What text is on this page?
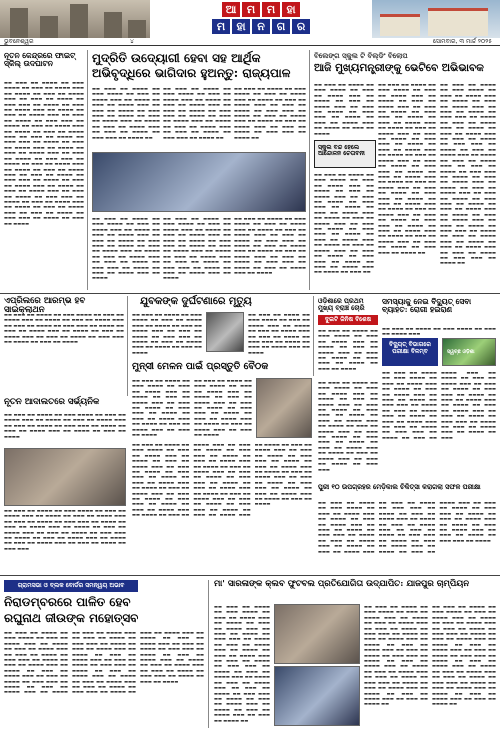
ଆ ମ	ମ	ହା
ମ	ହା	ନ	ଗ	ର
ଭୁବନେଶ୍ୱର	୪	ସୋମବାର, ୩ ମାର୍ଚ୍ଚ ୨୦୨୫
ନୂତନ କେନ୍ଦ୍ରରେ ଫାଇଟ୍ ସ୍କିଲ୍ ଉଦଘାଟନ
▬▬ ▬▬▬ ▬▬ ▬▬▬▬ ▬▬ ▬▬▬ ▬▬▬▬ ▬▬ ▬▬▬ ▬▬ ▬▬▬▬ ▬▬▬ ▬▬ ▬▬▬▬ ▬▬ ▬▬▬ ▬▬ ▬▬▬▬ ▬▬▬ ▬▬ ▬▬▬ ▬▬ ▬▬▬▬ ▬▬ ▬▬▬ ▬▬▬ ▬▬ ▬▬▬▬ ▬▬ ▬▬▬ ▬▬ ▬▬▬▬ ▬▬▬ ▬▬ ▬▬▬▬ ▬▬ ▬▬▬ ▬▬ ▬▬▬▬ ▬▬▬ ▬▬ ▬▬▬ ▬▬ ▬▬▬▬ ▬▬ ▬▬▬ ▬▬▬ ▬▬ ▬▬▬▬ ▬▬ ▬▬▬ ▬▬ ▬▬▬▬ ▬▬▬ ▬▬ ▬▬▬▬ ▬▬ ▬▬▬ ▬▬ ▬▬▬▬ ▬▬▬ ▬▬ ▬▬▬ ▬▬ ▬▬▬▬ ▬▬ ▬▬▬ ▬▬▬ ▬▬ ▬▬▬▬ ▬▬ ▬▬▬ ▬▬ ▬▬▬▬ ▬▬▬ ▬▬ ▬▬▬▬ ▬▬ ▬▬▬ ▬▬ ▬▬▬▬ ▬▬▬ ▬▬ ▬▬▬ ▬▬ ▬▬▬▬ ▬▬ ▬▬▬ ▬▬▬ ▬▬ ▬▬▬▬ ▬▬ ▬▬▬ ▬▬ ▬▬▬▬ ▬▬▬ ▬▬ ▬▬▬▬ ▬▬ ▬▬▬ ▬▬ ▬▬▬▬ ▬▬▬ ▬▬ ▬▬▬ ▬▬ ▬▬▬▬ ▬▬ ▬▬▬ ▬▬▬ ▬▬ ▬▬▬▬ ▬▬ ▬▬▬ ▬▬ ▬▬▬▬ ▬▬▬ ▬▬ ▬▬▬▬ ▬▬ ▬▬▬ ▬▬ ▬▬▬▬ ▬▬▬ ▬▬ ▬▬▬ ▬▬ ▬▬▬▬ ▬▬ ▬▬▬ ▬▬▬ ▬▬ ▬▬▬▬ ▬▬ ▬▬▬ ▬▬ ▬▬▬▬ ▬▬▬ ▬▬ ▬▬▬▬ ▬▬ ▬▬▬ ▬▬ ▬▬▬▬ ▬▬▬ ▬▬ ▬▬▬ ▬▬ ▬▬▬▬ ▬▬ ▬▬▬ ▬▬▬ ▬▬ ▬▬▬▬ ▬▬ ▬▬▬ ▬▬ ▬▬▬▬
ମୁଦ୍ରିତି ଉଦ୍ୟୋଗୀ ହେବା ସହ ଆର୍ଥିକ
ଅଭିବୃଦ୍ଧିରେ ଭାଗିଦାର ହୁଅନ୍ତୁ: ରାଜ୍ୟପାଳ
▬▬ ▬▬▬ ▬▬ ▬▬▬▬ ▬▬ ▬▬▬ ▬▬▬▬ ▬▬ ▬▬▬ ▬▬ ▬▬▬▬ ▬▬▬ ▬▬ ▬▬▬▬ ▬▬ ▬▬▬ ▬▬ ▬▬▬▬ ▬▬▬ ▬▬ ▬▬▬ ▬▬ ▬▬▬▬ ▬▬ ▬▬▬ ▬▬▬ ▬▬ ▬▬▬▬ ▬▬ ▬▬▬ ▬▬ ▬▬▬▬ ▬▬▬ ▬▬ ▬▬▬▬ ▬▬ ▬▬▬ ▬▬ ▬▬▬▬ ▬▬▬ ▬▬ ▬▬▬ ▬▬ ▬▬▬▬ ▬▬ ▬▬▬ ▬▬▬ ▬▬ ▬▬▬▬ ▬▬
▬▬ ▬▬▬ ▬▬ ▬▬▬▬ ▬▬ ▬▬▬ ▬▬▬▬ ▬▬ ▬▬▬ ▬▬ ▬▬▬▬ ▬▬▬ ▬▬ ▬▬▬▬ ▬▬ ▬▬▬ ▬▬ ▬▬▬▬ ▬▬▬ ▬▬ ▬▬▬ ▬▬ ▬▬▬▬ ▬▬ ▬▬▬ ▬▬▬ ▬▬ ▬▬▬▬ ▬▬ ▬▬▬ ▬▬ ▬▬▬▬ ▬▬▬ ▬▬ ▬▬▬▬ ▬▬ ▬▬▬ ▬▬ ▬▬▬▬ ▬▬▬ ▬▬ ▬▬▬ ▬▬ ▬▬▬▬ ▬▬ ▬▬▬ ▬▬▬ ▬▬ ▬▬▬▬ ▬▬
▬▬ ▬▬▬ ▬▬ ▬▬▬▬ ▬▬ ▬▬▬ ▬▬▬▬ ▬▬ ▬▬▬ ▬▬ ▬▬▬▬ ▬▬▬ ▬▬ ▬▬▬▬ ▬▬ ▬▬▬ ▬▬ ▬▬▬▬ ▬▬▬ ▬▬ ▬▬▬ ▬▬ ▬▬▬▬ ▬▬ ▬▬▬ ▬▬▬ ▬▬ ▬▬▬▬ ▬▬ ▬▬▬ ▬▬ ▬▬▬▬ ▬▬▬ ▬▬ ▬▬▬▬ ▬▬ ▬▬▬ ▬▬ ▬▬▬▬ ▬▬▬ ▬▬ ▬▬▬ ▬▬ ▬▬▬▬ ▬▬ ▬▬▬ ▬▬▬ ▬▬ ▬▬▬▬ ▬▬
▬▬ ▬▬▬ ▬▬ ▬▬▬▬ ▬▬ ▬▬▬ ▬▬▬▬ ▬▬ ▬▬▬ ▬▬ ▬▬▬▬ ▬▬▬ ▬▬ ▬▬▬▬ ▬▬ ▬▬▬ ▬▬ ▬▬▬▬ ▬▬▬ ▬▬ ▬▬▬ ▬▬ ▬▬▬▬ ▬▬ ▬▬▬ ▬▬▬ ▬▬ ▬▬▬▬ ▬▬ ▬▬▬ ▬▬ ▬▬▬▬ ▬▬▬ ▬▬ ▬▬▬▬ ▬▬ ▬▬▬ ▬▬ ▬▬▬▬ ▬▬▬ ▬▬ ▬▬▬ ▬▬ ▬▬▬▬ ▬▬ ▬▬▬ ▬▬▬ ▬▬ ▬▬▬▬ ▬▬ ▬▬▬ ▬▬ ▬▬▬▬ ▬▬▬ ▬▬ ▬▬▬▬
▬▬ ▬▬▬ ▬▬ ▬▬▬▬ ▬▬ ▬▬▬ ▬▬▬▬ ▬▬ ▬▬▬ ▬▬ ▬▬▬▬ ▬▬▬ ▬▬ ▬▬▬▬ ▬▬ ▬▬▬ ▬▬ ▬▬▬▬ ▬▬▬ ▬▬ ▬▬▬ ▬▬ ▬▬▬▬ ▬▬ ▬▬▬ ▬▬▬ ▬▬ ▬▬▬▬ ▬▬ ▬▬▬ ▬▬ ▬▬▬▬ ▬▬▬ ▬▬ ▬▬▬▬ ▬▬ ▬▬▬ ▬▬ ▬▬▬▬ ▬▬▬ ▬▬ ▬▬▬ ▬▬ ▬▬▬▬ ▬▬ ▬▬▬ ▬▬▬ ▬▬ ▬▬▬▬ ▬▬ ▬▬▬ ▬▬ ▬▬▬▬ ▬▬▬ ▬▬ ▬▬▬▬
▬▬ ▬▬▬ ▬▬ ▬▬▬▬ ▬▬ ▬▬▬ ▬▬▬▬ ▬▬ ▬▬▬ ▬▬ ▬▬▬▬ ▬▬▬ ▬▬ ▬▬▬▬ ▬▬ ▬▬▬ ▬▬ ▬▬▬▬ ▬▬▬ ▬▬ ▬▬▬ ▬▬ ▬▬▬▬ ▬▬ ▬▬▬ ▬▬▬ ▬▬ ▬▬▬▬ ▬▬ ▬▬▬ ▬▬ ▬▬▬▬ ▬▬▬ ▬▬ ▬▬▬▬ ▬▬ ▬▬▬ ▬▬ ▬▬▬▬ ▬▬▬ ▬▬ ▬▬▬ ▬▬ ▬▬▬▬ ▬▬ ▬▬▬ ▬▬▬ ▬▬ ▬▬▬▬ ▬▬ ▬▬▬ ▬▬ ▬▬▬▬ ▬▬▬ ▬▬ ▬▬▬▬
ବିଲେଙ୍ଗ ସ୍କୁଲ ଟି ବିଲ୍ଡିଂ ବିଲୋପ
ଆଜି ମୁଖ୍ୟମନ୍ତ୍ରୀଙ୍କୁ ଭେଟିବେ ଅଭିଭାବକ
ସ୍କୁଲ ବନ୍ଦ ହେଲେ ଆନ୍ଦୋଳନ ଚେତାବନୀ
▬▬ ▬▬▬ ▬▬ ▬▬▬▬ ▬▬ ▬▬▬ ▬▬▬▬ ▬▬ ▬▬▬ ▬▬ ▬▬▬▬ ▬▬▬ ▬▬ ▬▬▬▬ ▬▬ ▬▬▬ ▬▬ ▬▬▬▬ ▬▬▬ ▬▬ ▬▬▬ ▬▬ ▬▬▬▬ ▬▬ ▬▬▬ ▬▬▬ ▬▬ ▬▬▬▬ ▬▬ ▬▬▬ ▬▬ ▬▬▬▬ ▬▬▬ ▬▬ ▬▬▬▬ ▬▬ ▬▬▬ ▬▬ ▬▬▬▬
▬▬ ▬▬▬ ▬▬ ▬▬▬▬ ▬▬ ▬▬▬ ▬▬▬▬ ▬▬ ▬▬▬ ▬▬ ▬▬▬▬ ▬▬▬ ▬▬ ▬▬▬▬ ▬▬ ▬▬▬ ▬▬ ▬▬▬▬ ▬▬▬ ▬▬ ▬▬▬ ▬▬ ▬▬▬▬ ▬▬ ▬▬▬ ▬▬▬ ▬▬ ▬▬▬▬ ▬▬ ▬▬▬ ▬▬ ▬▬▬▬ ▬▬▬ ▬▬ ▬▬▬▬ ▬▬ ▬▬▬ ▬▬ ▬▬▬▬ ▬▬▬ ▬▬ ▬▬▬ ▬▬ ▬▬▬▬ ▬▬ ▬▬▬ ▬▬▬ ▬▬ ▬▬▬▬ ▬▬ ▬▬▬ ▬▬ ▬▬▬▬ ▬▬▬ ▬▬ ▬▬▬▬ ▬▬ ▬▬▬ ▬▬ ▬▬▬▬ ▬▬▬ ▬▬ ▬▬▬ ▬▬ ▬▬▬▬ ▬▬ ▬▬▬ ▬▬▬ ▬▬ ▬▬▬▬ ▬▬ ▬▬▬ ▬▬ ▬▬▬▬ ▬▬▬ ▬▬ ▬▬▬▬ ▬▬ ▬▬▬ ▬▬
▬▬ ▬▬▬ ▬▬ ▬▬▬▬ ▬▬ ▬▬▬ ▬▬▬▬ ▬▬ ▬▬▬ ▬▬ ▬▬▬▬ ▬▬▬ ▬▬ ▬▬▬▬ ▬▬ ▬▬▬ ▬▬ ▬▬▬▬ ▬▬▬ ▬▬ ▬▬▬ ▬▬ ▬▬▬▬ ▬▬ ▬▬▬ ▬▬▬ ▬▬ ▬▬▬▬ ▬▬ ▬▬▬ ▬▬ ▬▬▬▬ ▬▬▬ ▬▬ ▬▬▬▬ ▬▬ ▬▬▬ ▬▬ ▬▬▬▬ ▬▬▬ ▬▬ ▬▬▬ ▬▬ ▬▬▬▬ ▬▬ ▬▬▬ ▬▬▬ ▬▬ ▬▬▬▬ ▬▬ ▬▬▬ ▬▬ ▬▬▬▬ ▬▬▬ ▬▬ ▬▬▬▬ ▬▬ ▬▬▬ ▬▬ ▬▬▬▬ ▬▬▬ ▬▬ ▬▬▬ ▬▬ ▬▬▬▬ ▬▬ ▬▬▬ ▬▬▬ ▬▬ ▬▬▬▬ ▬▬ ▬▬▬ ▬▬ ▬▬▬▬ ▬▬▬ ▬▬ ▬▬▬▬ ▬▬ ▬▬▬ ▬▬ ▬▬▬▬ ▬▬▬ ▬▬ ▬▬▬ ▬▬ ▬▬▬▬ ▬▬ ▬▬▬ ▬▬▬ ▬▬ ▬▬▬▬ ▬▬ ▬▬▬ ▬▬ ▬▬▬▬ ▬▬▬ ▬▬ ▬▬▬▬ ▬▬ ▬▬▬ ▬▬ ▬▬▬▬ ▬▬▬ ▬▬ ▬▬▬ ▬▬ ▬▬▬▬ ▬▬ ▬▬▬ ▬▬▬ ▬▬ ▬▬▬▬ ▬▬ ▬▬▬ ▬▬ ▬▬▬▬ ▬▬▬ ▬▬ ▬▬▬▬ ▬▬ ▬▬▬ ▬▬ ▬▬▬▬ ▬▬▬ ▬▬ ▬▬▬ ▬▬ ▬▬▬▬ ▬▬ ▬▬▬ ▬▬▬ ▬▬ ▬▬▬▬ ▬▬
▬▬ ▬▬▬ ▬▬ ▬▬▬▬ ▬▬ ▬▬▬ ▬▬▬▬ ▬▬ ▬▬▬ ▬▬ ▬▬▬▬ ▬▬▬ ▬▬ ▬▬▬▬ ▬▬ ▬▬▬ ▬▬ ▬▬▬▬ ▬▬▬ ▬▬ ▬▬▬ ▬▬ ▬▬▬▬ ▬▬ ▬▬▬ ▬▬▬ ▬▬ ▬▬▬▬ ▬▬ ▬▬▬ ▬▬ ▬▬▬▬ ▬▬▬ ▬▬ ▬▬▬▬ ▬▬ ▬▬▬ ▬▬ ▬▬▬▬ ▬▬▬ ▬▬ ▬▬▬ ▬▬ ▬▬▬▬ ▬▬ ▬▬▬ ▬▬▬ ▬▬ ▬▬▬▬ ▬▬ ▬▬▬ ▬▬ ▬▬▬▬ ▬▬▬ ▬▬ ▬▬▬▬ ▬▬ ▬▬▬ ▬▬ ▬▬▬▬ ▬▬▬ ▬▬ ▬▬▬ ▬▬ ▬▬▬▬ ▬▬ ▬▬▬ ▬▬▬ ▬▬ ▬▬▬▬ ▬▬ ▬▬▬ ▬▬ ▬▬▬▬ ▬▬▬ ▬▬ ▬▬▬▬ ▬▬ ▬▬▬ ▬▬ ▬▬▬▬ ▬▬▬ ▬▬ ▬▬▬ ▬▬ ▬▬▬▬ ▬▬ ▬▬▬ ▬▬▬ ▬▬ ▬▬▬▬ ▬▬ ▬▬▬ ▬▬ ▬▬▬▬ ▬▬▬ ▬▬ ▬▬▬▬ ▬▬ ▬▬▬ ▬▬ ▬▬▬▬ ▬▬▬ ▬▬ ▬▬▬ ▬▬ ▬▬▬▬ ▬▬ ▬▬▬ ▬▬▬ ▬▬ ▬▬▬▬ ▬▬ ▬▬▬ ▬▬ ▬▬▬▬ ▬▬▬ ▬▬ ▬▬▬▬ ▬▬ ▬▬▬ ▬▬ ▬▬▬▬ ▬▬▬ ▬▬ ▬▬▬ ▬▬ ▬▬▬▬ ▬▬ ▬▬▬ ▬▬▬ ▬▬ ▬▬▬▬ ▬▬
ଏପ୍ରିଲରେ ଆରମ୍ଭ ହବ ସାଇକ୍ଲାଥନ
▬▬ ▬▬▬ ▬▬ ▬▬▬▬ ▬▬ ▬▬▬ ▬▬▬▬ ▬▬ ▬▬▬ ▬▬ ▬▬▬▬ ▬▬▬ ▬▬ ▬▬▬▬ ▬▬ ▬▬▬ ▬▬ ▬▬▬▬ ▬▬▬ ▬▬ ▬▬▬ ▬▬ ▬▬▬▬ ▬▬ ▬▬▬ ▬▬▬ ▬▬ ▬▬▬▬ ▬▬ ▬▬▬ ▬▬ ▬▬▬▬ ▬▬▬ ▬▬ ▬▬▬▬ ▬▬ ▬▬▬ ▬▬ ▬▬▬▬ ▬▬▬ ▬▬ ▬▬▬ ▬▬ ▬▬▬▬ ▬▬ ▬▬▬ ▬▬▬ ▬▬ ▬▬▬▬ ▬▬ ▬▬▬ ▬▬ ▬▬▬▬
ଯୁବକଙ୍କ ଦୁର୍ଘଟଣାରେ ମୃତ୍ୟୁ
▬▬ ▬▬▬ ▬▬ ▬▬▬▬ ▬▬ ▬▬▬ ▬▬▬▬ ▬▬ ▬▬▬ ▬▬ ▬▬▬▬ ▬▬▬ ▬▬ ▬▬▬▬ ▬▬ ▬▬▬ ▬▬ ▬▬▬▬ ▬▬▬ ▬▬ ▬▬▬ ▬▬ ▬▬▬▬ ▬▬ ▬▬▬ ▬▬▬ ▬▬ ▬▬▬▬ ▬▬ ▬▬▬ ▬▬ ▬▬▬▬ ▬▬▬ ▬▬ ▬▬▬▬ ▬▬ ▬▬▬ ▬▬ ▬▬▬▬
▬▬ ▬▬▬ ▬▬ ▬▬▬▬ ▬▬ ▬▬▬ ▬▬▬▬ ▬▬ ▬▬▬ ▬▬ ▬▬▬▬ ▬▬▬ ▬▬ ▬▬▬▬ ▬▬ ▬▬▬ ▬▬ ▬▬▬▬ ▬▬▬ ▬▬ ▬▬▬ ▬▬ ▬▬▬▬ ▬▬ ▬▬▬ ▬▬▬ ▬▬ ▬▬▬▬ ▬▬ ▬▬▬ ▬▬ ▬▬▬▬ ▬▬▬ ▬▬ ▬▬▬▬
ଓଡ଼ିଶାରେ ପ୍ରଥମ ମୁଖ୍ୟ ବ୍ରାଞ୍ଚ ଚୋରି
ଦୁଇଟି ଜିନିଷ ବିଶେଷ
▬▬ ▬▬▬ ▬▬ ▬▬▬▬ ▬▬ ▬▬▬ ▬▬▬▬ ▬▬ ▬▬▬ ▬▬ ▬▬▬▬ ▬▬▬ ▬▬ ▬▬▬▬ ▬▬ ▬▬▬ ▬▬ ▬▬▬▬ ▬▬▬ ▬▬ ▬▬▬ ▬▬ ▬▬▬▬ ▬▬ ▬▬▬ ▬▬▬ ▬▬ ▬▬▬▬ ▬▬ ▬▬▬ ▬▬ ▬▬▬▬
ସମସ୍ୟାକୁ ନେଇ ବିଦ୍ୟୁତ୍ ସେବା ବ୍ୟାହତ: ରୋଗୀ ହଇରାଣ
▬▬ ▬▬▬ ▬▬ ▬▬▬▬ ▬▬ ▬▬▬ ▬▬▬▬ ▬▬ ▬▬▬ ▬▬ ▬▬▬▬ ▬▬▬
ବିଦ୍ୟୁତ୍ ବିଭାଗରେ ପରୀକ୍ଷା ବିଳମ୍ବ	ସ୍ୱଚ୍ଛ ଓଡ଼ିଶା
ମୁନ୍ସୀ ମେଳନ ପାଇଁ ପ୍ରସ୍ତୁତି ବୈଠକ
▬▬ ▬▬▬ ▬▬ ▬▬▬▬ ▬▬ ▬▬▬ ▬▬▬▬ ▬▬ ▬▬▬ ▬▬ ▬▬▬▬ ▬▬▬ ▬▬ ▬▬▬▬ ▬▬ ▬▬▬ ▬▬ ▬▬▬▬ ▬▬▬ ▬▬ ▬▬▬ ▬▬ ▬▬▬▬ ▬▬ ▬▬▬ ▬▬▬ ▬▬ ▬▬▬▬ ▬▬ ▬▬▬ ▬▬ ▬▬▬▬ ▬▬▬ ▬▬ ▬▬▬▬ ▬▬ ▬▬▬ ▬▬ ▬▬▬▬ ▬▬▬ ▬▬ ▬▬▬ ▬▬ ▬▬▬▬
▬▬ ▬▬▬ ▬▬ ▬▬▬▬ ▬▬ ▬▬▬ ▬▬▬▬ ▬▬ ▬▬▬ ▬▬ ▬▬▬▬ ▬▬▬ ▬▬ ▬▬▬▬ ▬▬ ▬▬▬ ▬▬ ▬▬▬▬ ▬▬▬ ▬▬ ▬▬▬ ▬▬ ▬▬▬▬ ▬▬ ▬▬▬ ▬▬▬ ▬▬ ▬▬▬▬ ▬▬ ▬▬▬ ▬▬ ▬▬▬▬ ▬▬▬ ▬▬ ▬▬▬▬ ▬▬ ▬▬▬ ▬▬ ▬▬▬▬ ▬▬▬ ▬▬ ▬▬▬ ▬▬ ▬▬▬▬
ନୂତନ ଆଦାଲତରେ ସର୍ଭ୍ୟନିକ
▬▬ ▬▬▬ ▬▬ ▬▬▬▬ ▬▬ ▬▬▬ ▬▬▬▬ ▬▬ ▬▬▬ ▬▬ ▬▬▬▬ ▬▬▬ ▬▬ ▬▬▬▬ ▬▬ ▬▬▬ ▬▬ ▬▬▬▬ ▬▬▬ ▬▬ ▬▬▬ ▬▬ ▬▬▬▬ ▬▬ ▬▬▬ ▬▬▬ ▬▬ ▬▬▬▬ ▬▬ ▬▬▬ ▬▬ ▬▬▬▬ ▬▬▬ ▬▬ ▬▬▬▬ ▬▬ ▬▬▬ ▬▬ ▬▬▬▬
▬▬ ▬▬▬ ▬▬ ▬▬▬▬ ▬▬ ▬▬▬ ▬▬▬▬ ▬▬ ▬▬▬ ▬▬ ▬▬▬▬ ▬▬▬ ▬▬ ▬▬▬▬ ▬▬ ▬▬▬ ▬▬ ▬▬▬▬ ▬▬▬ ▬▬ ▬▬▬ ▬▬ ▬▬▬▬ ▬▬ ▬▬▬ ▬▬▬ ▬▬ ▬▬▬▬ ▬▬ ▬▬▬ ▬▬ ▬▬▬▬ ▬▬▬ ▬▬ ▬▬▬▬ ▬▬ ▬▬▬ ▬▬ ▬▬▬▬ ▬▬▬ ▬▬ ▬▬▬ ▬▬ ▬▬▬▬ ▬▬ ▬▬▬ ▬▬▬ ▬▬ ▬▬▬▬ ▬▬ ▬▬▬ ▬▬ ▬▬▬▬ ▬▬▬ ▬▬ ▬▬▬▬ ▬▬ ▬▬▬ ▬▬ ▬▬▬▬ ▬▬▬ ▬▬ ▬▬▬ ▬▬ ▬▬▬▬ ▬▬ ▬▬▬ ▬▬▬
▬▬ ▬▬▬ ▬▬ ▬▬▬▬ ▬▬ ▬▬▬ ▬▬▬▬ ▬▬ ▬▬▬ ▬▬ ▬▬▬▬ ▬▬▬ ▬▬ ▬▬▬▬ ▬▬ ▬▬▬ ▬▬ ▬▬▬▬ ▬▬▬ ▬▬ ▬▬▬ ▬▬ ▬▬▬▬ ▬▬ ▬▬▬ ▬▬▬ ▬▬ ▬▬▬▬ ▬▬ ▬▬▬ ▬▬ ▬▬▬▬ ▬▬▬ ▬▬ ▬▬▬▬ ▬▬ ▬▬▬ ▬▬ ▬▬▬▬ ▬▬▬ ▬▬ ▬▬▬ ▬▬ ▬▬▬▬ ▬▬ ▬▬▬ ▬▬▬ ▬▬ ▬▬▬▬ ▬▬ ▬▬▬ ▬▬ ▬▬▬▬ ▬▬▬ ▬▬ ▬▬▬▬ ▬▬ ▬▬▬ ▬▬ ▬▬▬▬ ▬▬▬ ▬▬ ▬▬▬ ▬▬ ▬▬▬▬ ▬▬ ▬▬▬ ▬▬▬ ▬▬ ▬▬▬▬ ▬▬ ▬▬▬ ▬▬ ▬▬▬▬ ▬▬▬ ▬▬ ▬▬▬▬ ▬▬ ▬▬▬ ▬▬ ▬▬▬▬ ▬▬▬ ▬▬ ▬▬▬ ▬▬ ▬▬▬▬ ▬▬ ▬▬▬ ▬▬▬ ▬▬ ▬▬▬▬ ▬▬ ▬▬▬ ▬▬ ▬▬▬▬ ▬▬▬ ▬▬ ▬▬▬▬ ▬▬ ▬▬▬ ▬▬ ▬▬▬▬ ▬▬▬ ▬▬ ▬▬▬ ▬▬ ▬▬▬▬ ▬▬ ▬▬▬ ▬▬▬ ▬▬ ▬▬▬▬ ▬▬ ▬▬▬ ▬▬ ▬▬▬▬ ▬▬▬ ▬▬ ▬▬▬▬ ▬▬ ▬▬▬ ▬▬ ▬▬▬▬ ▬▬▬ ▬▬ ▬▬▬ ▬▬ ▬▬▬▬ ▬▬ ▬▬▬ ▬▬▬ ▬▬ ▬▬▬▬ ▬▬ ▬▬▬ ▬▬ ▬▬▬▬ ▬▬▬ ▬▬ ▬▬▬▬ ▬▬ ▬▬▬ ▬▬ ▬▬▬▬ ▬▬▬ ▬▬ ▬▬▬ ▬▬ ▬▬▬▬ ▬▬ ▬▬▬ ▬▬▬ ▬▬ ▬▬▬▬ ▬▬ ▬▬▬ ▬▬ ▬▬▬▬ ▬▬▬ ▬▬ ▬▬▬▬ ▬▬ ▬▬▬ ▬▬ ▬▬▬▬
▬▬ ▬▬▬ ▬▬ ▬▬▬▬ ▬▬ ▬▬▬ ▬▬▬▬ ▬▬ ▬▬▬ ▬▬ ▬▬▬▬ ▬▬▬ ▬▬ ▬▬▬▬ ▬▬ ▬▬▬ ▬▬ ▬▬▬▬ ▬▬▬ ▬▬ ▬▬▬ ▬▬ ▬▬▬▬ ▬▬ ▬▬▬ ▬▬▬ ▬▬ ▬▬▬▬ ▬▬ ▬▬▬ ▬▬ ▬▬▬▬ ▬▬▬ ▬▬ ▬▬▬▬ ▬▬ ▬▬▬ ▬▬ ▬▬▬▬ ▬▬▬ ▬▬ ▬▬▬ ▬▬ ▬▬▬▬ ▬▬ ▬▬▬ ▬▬▬ ▬▬ ▬▬▬▬ ▬▬ ▬▬▬ ▬▬ ▬▬▬▬ ▬▬▬ ▬▬ ▬▬▬▬ ▬▬ ▬▬▬ ▬▬ ▬▬▬▬ ▬▬▬ ▬▬ ▬▬▬ ▬▬ ▬▬▬▬ ▬▬ ▬▬▬ ▬▬▬
▬▬ ▬▬▬ ▬▬ ▬▬▬▬ ▬▬ ▬▬▬ ▬▬▬▬ ▬▬ ▬▬▬ ▬▬ ▬▬▬▬ ▬▬▬ ▬▬ ▬▬▬▬ ▬▬ ▬▬▬ ▬▬ ▬▬▬▬ ▬▬▬ ▬▬ ▬▬▬ ▬▬ ▬▬▬▬ ▬▬ ▬▬▬ ▬▬▬ ▬▬ ▬▬▬▬ ▬▬ ▬▬▬ ▬▬ ▬▬▬▬ ▬▬▬ ▬▬ ▬▬▬▬ ▬▬ ▬▬▬ ▬▬ ▬▬▬▬ ▬▬▬ ▬▬ ▬▬▬ ▬▬ ▬▬▬▬ ▬▬ ▬▬▬ ▬▬▬ ▬▬ ▬▬▬▬ ▬▬ ▬▬▬ ▬▬ ▬▬▬▬ ▬▬▬ ▬▬ ▬▬▬▬ ▬▬ ▬▬▬ ▬▬ ▬▬▬▬ ▬▬▬ ▬▬ ▬▬▬ ▬▬ ▬▬▬▬ ▬▬ ▬▬▬ ▬▬▬ ▬▬ ▬▬▬▬ ▬▬ ▬▬▬ ▬▬ ▬▬▬▬ ▬▬▬ ▬▬ ▬▬▬▬ ▬▬ ▬▬▬ ▬▬ ▬▬▬▬ ▬▬▬ ▬▬ ▬▬▬ ▬▬ ▬▬▬▬ ▬▬ ▬▬▬ ▬▬▬ ▬▬ ▬▬▬▬ ▬▬ ▬▬▬ ▬▬ ▬▬▬▬ ▬▬▬ ▬▬ ▬▬▬▬ ▬▬ ▬▬▬
ପୁରୀ ୧୦ ଉପଗ୍ରହର ମେଡ଼ିକାଲ ଚିକିତ୍ସା କରାଗଲା ସଫଳ ପରୀକ୍ଷା
▬▬ ▬▬▬ ▬▬ ▬▬▬▬ ▬▬ ▬▬▬ ▬▬▬▬ ▬▬ ▬▬▬ ▬▬ ▬▬▬▬ ▬▬▬ ▬▬ ▬▬▬▬ ▬▬ ▬▬▬ ▬▬ ▬▬▬▬ ▬▬▬ ▬▬ ▬▬▬ ▬▬ ▬▬▬▬ ▬▬ ▬▬▬ ▬▬▬ ▬▬ ▬▬▬▬ ▬▬ ▬▬▬ ▬▬ ▬▬▬▬ ▬▬▬ ▬▬ ▬▬▬▬ ▬▬ ▬▬▬ ▬▬ ▬▬▬▬ ▬▬▬ ▬▬ ▬▬▬ ▬▬ ▬▬▬▬ ▬▬ ▬▬▬ ▬▬▬ ▬▬ ▬▬▬▬ ▬▬ ▬▬▬ ▬▬ ▬▬▬▬ ▬▬▬ ▬▬ ▬▬▬▬ ▬▬ ▬▬▬ ▬▬ ▬▬▬▬ ▬▬▬ ▬▬ ▬▬▬ ▬▬ ▬▬▬▬ ▬▬ ▬▬▬ ▬▬▬ ▬▬ ▬▬▬▬ ▬▬ ▬▬▬ ▬▬ ▬▬▬▬ ▬▬▬ ▬▬ ▬▬▬▬ ▬▬ ▬▬▬ ▬▬ ▬▬▬▬ ▬▬▬ ▬▬ ▬▬▬ ▬▬ ▬▬▬▬ ▬▬ ▬▬▬ ▬▬▬ ▬▬ ▬▬▬▬ ▬▬ ▬▬▬ ▬▬ ▬▬▬▬ ▬▬▬ ▬▬ ▬▬▬▬ ▬▬ ▬▬▬ ▬▬ ▬▬▬▬ ▬▬▬ ▬▬ ▬▬▬ ▬▬ ▬▬▬▬ ▬▬ ▬▬▬ ▬▬▬ ▬▬ ▬▬▬▬
ଗ୍ରାମସଭା ଓ ବ୍ଲକ ବୋର୍ଡର ସମନ୍ୱୟ ଅଭାବ
ନିରାଡମ୍ବରରେ ପାଳିତ ହେବ
ରଘୁନାଥ ଜୀଉଙ୍କ ମହୋତ୍ସବ
▬▬ ▬▬▬ ▬▬ ▬▬▬▬ ▬▬ ▬▬▬ ▬▬▬▬ ▬▬ ▬▬▬ ▬▬ ▬▬▬▬ ▬▬▬ ▬▬ ▬▬▬▬ ▬▬ ▬▬▬ ▬▬ ▬▬▬▬ ▬▬▬ ▬▬ ▬▬▬ ▬▬ ▬▬▬▬ ▬▬ ▬▬▬ ▬▬▬ ▬▬ ▬▬▬▬ ▬▬ ▬▬▬ ▬▬ ▬▬▬▬ ▬▬▬ ▬▬ ▬▬▬▬ ▬▬ ▬▬▬ ▬▬ ▬▬▬▬ ▬▬▬ ▬▬ ▬▬▬ ▬▬ ▬▬▬▬ ▬▬ ▬▬▬ ▬▬▬ ▬▬ ▬▬▬▬ ▬▬ ▬▬▬ ▬▬ ▬▬▬▬ ▬▬▬ ▬▬ ▬▬▬▬ ▬▬ ▬▬▬ ▬▬ ▬▬▬▬ ▬▬▬ ▬▬ ▬▬▬ ▬▬ ▬▬▬▬ ▬▬ ▬▬▬ ▬▬▬ ▬▬ ▬▬▬▬ ▬▬ ▬▬▬ ▬▬ ▬▬▬▬ ▬▬▬ ▬▬ ▬▬▬▬ ▬▬ ▬▬▬ ▬▬ ▬▬▬▬ ▬▬▬ ▬▬ ▬▬▬ ▬▬ ▬▬▬▬ ▬▬ ▬▬▬ ▬▬▬ ▬▬ ▬▬▬▬ ▬▬ ▬▬▬ ▬▬ ▬▬▬▬ ▬▬▬ ▬▬ ▬▬▬▬ ▬▬ ▬▬▬ ▬▬ ▬▬▬▬ ▬▬▬ ▬▬ ▬▬▬ ▬▬ ▬▬▬▬ ▬▬ ▬▬▬ ▬▬▬ ▬▬ ▬▬▬▬ ▬▬ ▬▬▬ ▬▬ ▬▬▬▬ ▬▬▬ ▬▬ ▬▬▬▬ ▬▬ ▬▬▬ ▬▬ ▬▬▬▬ ▬▬▬ ▬▬ ▬▬▬ ▬▬ ▬▬▬▬ ▬▬ ▬▬▬ ▬▬▬ ▬▬ ▬▬▬▬ ▬▬ ▬▬▬ ▬▬ ▬▬▬▬ ▬▬▬ ▬▬ ▬▬▬▬ ▬▬ ▬▬▬ ▬▬ ▬▬▬▬ ▬▬▬ ▬▬ ▬▬▬ ▬▬ ▬▬▬▬ ▬▬ ▬▬▬ ▬▬▬ ▬▬ ▬▬▬▬ ▬▬ ▬▬▬ ▬▬ ▬▬▬▬
ମା' ସାରଳାଙ୍କ କ୍ଲବ ଫୁଟବଲ ପ୍ରତିଯୋଗିତା ଉଦ୍ଯାପିତ: ଯାଜପୁର ଚାମ୍ପିୟନ
▬▬ ▬▬▬ ▬▬ ▬▬▬▬ ▬▬ ▬▬▬ ▬▬▬▬ ▬▬ ▬▬▬ ▬▬ ▬▬▬▬ ▬▬▬ ▬▬ ▬▬▬▬ ▬▬ ▬▬▬ ▬▬ ▬▬▬▬ ▬▬▬ ▬▬ ▬▬▬ ▬▬ ▬▬▬▬ ▬▬ ▬▬▬ ▬▬▬ ▬▬ ▬▬▬▬ ▬▬ ▬▬▬ ▬▬ ▬▬▬▬ ▬▬▬ ▬▬ ▬▬▬▬ ▬▬ ▬▬▬ ▬▬ ▬▬▬▬ ▬▬▬ ▬▬ ▬▬▬ ▬▬ ▬▬▬▬ ▬▬ ▬▬▬ ▬▬▬ ▬▬ ▬▬▬▬ ▬▬ ▬▬▬ ▬▬ ▬▬▬▬ ▬▬▬ ▬▬ ▬▬▬▬ ▬▬ ▬▬▬ ▬▬ ▬▬▬▬ ▬▬▬ ▬▬ ▬▬▬ ▬▬ ▬▬▬▬ ▬▬ ▬▬▬ ▬▬▬ ▬▬ ▬▬▬▬ ▬▬ ▬▬▬ ▬▬ ▬▬▬▬ ▬▬▬ ▬▬ ▬▬▬▬ ▬▬ ▬▬▬ ▬▬ ▬▬▬▬ ▬▬▬ ▬▬ ▬▬▬ ▬▬ ▬▬▬▬ ▬▬
▬▬ ▬▬▬ ▬▬ ▬▬▬▬ ▬▬ ▬▬▬ ▬▬▬▬ ▬▬ ▬▬▬ ▬▬ ▬▬▬▬ ▬▬▬ ▬▬ ▬▬▬▬ ▬▬ ▬▬▬ ▬▬ ▬▬▬▬ ▬▬▬ ▬▬ ▬▬▬ ▬▬ ▬▬▬▬ ▬▬ ▬▬▬ ▬▬▬ ▬▬ ▬▬▬▬ ▬▬ ▬▬▬ ▬▬ ▬▬▬▬ ▬▬▬ ▬▬ ▬▬▬▬ ▬▬ ▬▬▬ ▬▬ ▬▬▬▬ ▬▬▬ ▬▬ ▬▬▬ ▬▬ ▬▬▬▬ ▬▬ ▬▬▬ ▬▬▬ ▬▬ ▬▬▬▬ ▬▬ ▬▬▬ ▬▬ ▬▬▬▬ ▬▬▬ ▬▬ ▬▬▬▬ ▬▬ ▬▬▬ ▬▬ ▬▬▬▬ ▬▬▬ ▬▬ ▬▬▬ ▬▬ ▬▬▬▬ ▬▬ ▬▬▬ ▬▬▬ ▬▬ ▬▬▬▬ ▬▬ ▬▬▬ ▬▬ ▬▬▬▬ ▬▬▬ ▬▬ ▬▬▬▬ ▬▬ ▬▬▬ ▬▬ ▬▬▬▬ ▬▬▬ ▬▬ ▬▬▬ ▬▬ ▬▬▬▬ ▬▬
▬▬ ▬▬▬ ▬▬ ▬▬▬▬ ▬▬ ▬▬▬ ▬▬▬▬ ▬▬ ▬▬▬ ▬▬ ▬▬▬▬ ▬▬▬ ▬▬ ▬▬▬▬ ▬▬ ▬▬▬ ▬▬ ▬▬▬▬ ▬▬▬ ▬▬ ▬▬▬ ▬▬ ▬▬▬▬ ▬▬ ▬▬▬ ▬▬▬ ▬▬ ▬▬▬▬ ▬▬ ▬▬▬ ▬▬ ▬▬▬▬ ▬▬▬ ▬▬ ▬▬▬▬ ▬▬ ▬▬▬ ▬▬ ▬▬▬▬ ▬▬▬ ▬▬ ▬▬▬ ▬▬ ▬▬▬▬ ▬▬ ▬▬▬ ▬▬▬ ▬▬ ▬▬▬▬ ▬▬ ▬▬▬ ▬▬ ▬▬▬▬ ▬▬▬ ▬▬ ▬▬▬▬ ▬▬ ▬▬▬ ▬▬ ▬▬▬▬ ▬▬▬ ▬▬ ▬▬▬ ▬▬ ▬▬▬▬ ▬▬ ▬▬▬ ▬▬▬ ▬▬ ▬▬▬▬ ▬▬ ▬▬▬ ▬▬ ▬▬▬▬ ▬▬▬ ▬▬ ▬▬▬▬ ▬▬ ▬▬▬ ▬▬ ▬▬▬▬ ▬▬▬ ▬▬ ▬▬▬ ▬▬ ▬▬▬▬ ▬▬
